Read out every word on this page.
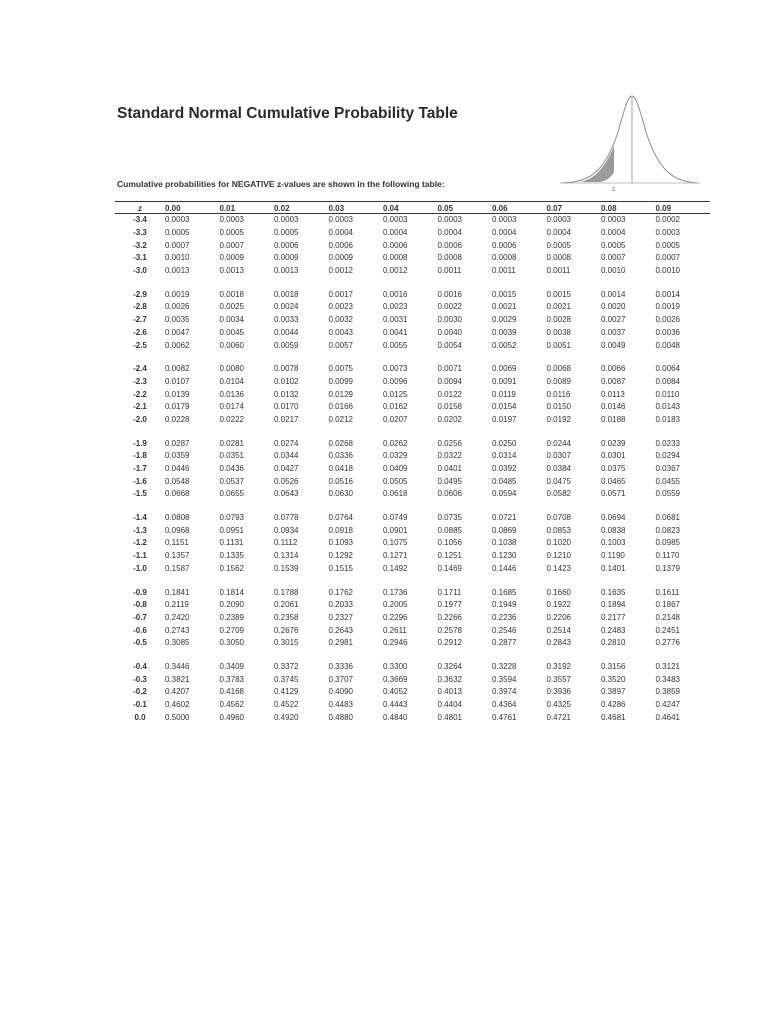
Standard Normal Cumulative Probability Table
Cumulative probabilities for NEGATIVE z-values are shown in the following table:
z
z	0.00	0.01	0.02	0.03	0.04	0.05	0.06	0.07	0.08	0.09
-3.4	0.0003	0.0003	0.0003	0.0003	0.0003	0.0003	0.0003	0.0003	0.0003	0.0002
-3.3	0.0005	0.0005	0.0005	0.0004	0.0004	0.0004	0.0004	0.0004	0.0004	0.0003
-3.2	0.0007	0.0007	0.0006	0.0006	0.0006	0.0006	0.0006	0.0005	0.0005	0.0005
-3.1	0.0010	0.0009	0.0009	0.0009	0.0008	0.0008	0.0008	0.0008	0.0007	0.0007
-3.0	0.0013	0.0013	0.0013	0.0012	0.0012	0.0011	0.0011	0.0011	0.0010	0.0010

-2.9	0.0019	0.0018	0.0018	0.0017	0.0016	0.0016	0.0015	0.0015	0.0014	0.0014
-2.8	0.0026	0.0025	0.0024	0.0023	0.0023	0.0022	0.0021	0.0021	0.0020	0.0019
-2.7	0.0035	0.0034	0.0033	0.0032	0.0031	0.0030	0.0029	0.0028	0.0027	0.0026
-2.6	0.0047	0.0045	0.0044	0.0043	0.0041	0.0040	0.0039	0.0038	0.0037	0.0036
-2.5	0.0062	0.0060	0.0059	0.0057	0.0055	0.0054	0.0052	0.0051	0.0049	0.0048

-2.4	0.0082	0.0080	0.0078	0.0075	0.0073	0.0071	0.0069	0.0068	0.0066	0.0064
-2.3	0.0107	0.0104	0.0102	0.0099	0.0096	0.0094	0.0091	0.0089	0.0087	0.0084
-2.2	0.0139	0.0136	0.0132	0.0129	0.0125	0.0122	0.0119	0.0116	0.0113	0.0110
-2.1	0.0179	0.0174	0.0170	0.0166	0.0162	0.0158	0.0154	0.0150	0.0146	0.0143
-2.0	0.0228	0.0222	0.0217	0.0212	0.0207	0.0202	0.0197	0.0192	0.0188	0.0183

-1.9	0.0287	0.0281	0.0274	0.0268	0.0262	0.0256	0.0250	0.0244	0.0239	0.0233
-1.8	0.0359	0.0351	0.0344	0.0336	0.0329	0.0322	0.0314	0.0307	0.0301	0.0294
-1.7	0.0446	0.0436	0.0427	0.0418	0.0409	0.0401	0.0392	0.0384	0.0375	0.0367
-1.6	0.0548	0.0537	0.0526	0.0516	0.0505	0.0495	0.0485	0.0475	0.0465	0.0455
-1.5	0.0668	0.0655	0.0643	0.0630	0.0618	0.0606	0.0594	0.0582	0.0571	0.0559

-1.4	0.0808	0.0793	0.0778	0.0764	0.0749	0.0735	0.0721	0.0708	0.0694	0.0681
-1.3	0.0968	0.0951	0.0934	0.0918	0.0901	0.0885	0.0869	0.0853	0.0838	0.0823
-1.2	0.1151	0.1131	0.1112	0.1093	0.1075	0.1056	0.1038	0.1020	0.1003	0.0985
-1.1	0.1357	0.1335	0.1314	0.1292	0.1271	0.1251	0.1230	0.1210	0.1190	0.1170
-1.0	0.1587	0.1562	0.1539	0.1515	0.1492	0.1469	0.1446	0.1423	0.1401	0.1379

-0.9	0.1841	0.1814	0.1788	0.1762	0.1736	0.1711	0.1685	0.1660	0.1635	0.1611
-0.8	0.2119	0.2090	0.2061	0.2033	0.2005	0.1977	0.1949	0.1922	0.1894	0.1867
-0.7	0.2420	0.2389	0.2358	0.2327	0.2296	0.2266	0.2236	0.2206	0.2177	0.2148
-0.6	0.2743	0.2709	0.2676	0.2643	0.2611	0.2578	0.2546	0.2514	0.2483	0.2451
-0.5	0.3085	0.3050	0.3015	0.2981	0.2946	0.2912	0.2877	0.2843	0.2810	0.2776

-0.4	0.3446	0.3409	0.3372	0.3336	0.3300	0.3264	0.3228	0.3192	0.3156	0.3121
-0.3	0.3821	0.3783	0.3745	0.3707	0.3669	0.3632	0.3594	0.3557	0.3520	0.3483
-0.2	0.4207	0.4168	0.4129	0.4090	0.4052	0.4013	0.3974	0.3936	0.3897	0.3859
-0.1	0.4602	0.4562	0.4522	0.4483	0.4443	0.4404	0.4364	0.4325	0.4286	0.4247
0.0	0.5000	0.4960	0.4920	0.4880	0.4840	0.4801	0.4761	0.4721	0.4681	0.4641
